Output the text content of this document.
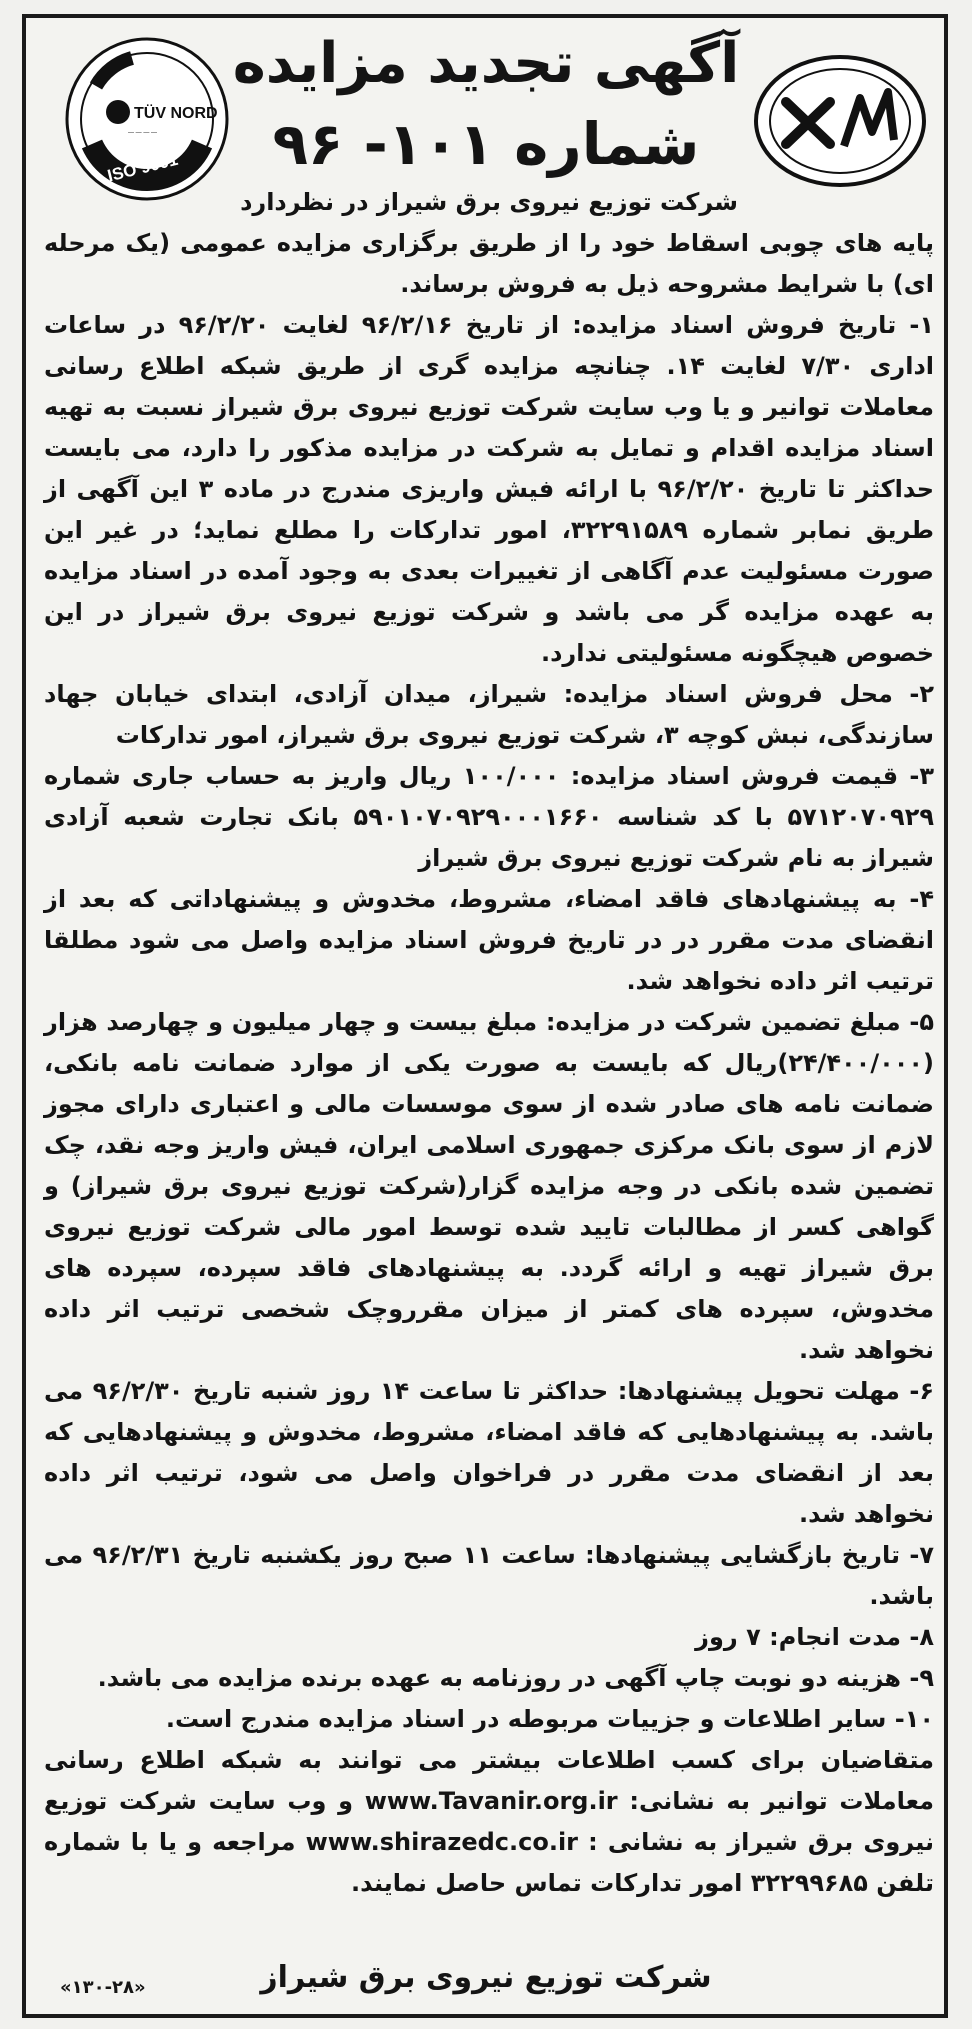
TÜV NORD
— — — —
ISO 9001
آگهی تجدید مزایده
شماره ۱۰۱- ۹۶

شرکت توزیع نیروی برق شیراز در نظردارد

پایه های چوبی اسقاط خود را از طریق برگزاری مزایده عمومی (یک مرحله ای) با شرایط مشروحه ذیل به فروش برساند.

۱- تاریخ فروش اسناد مزایده: از تاریخ ۹۶/۲/۱۶ لغایت ۹۶/۲/۲۰ در ساعات اداری ۷/۳۰ لغایت ۱۴. چنانچه مزایده گری از طریق شبکه اطلاع رسانی معاملات توانیر و یا وب سایت شرکت توزیع نیروی برق شیراز نسبت به تهیه اسناد مزایده اقدام و تمایل به شرکت در مزایده مذکور را دارد، می بایست حداکثر تا تاریخ ۹۶/۲/۲۰ با ارائه فیش واریزی مندرج در ماده ۳ این آگهی از طریق نمابر شماره ۳۲۲۹۱۵۸۹، امور تدارکات را مطلع نماید؛ در غیر این صورت مسئولیت عدم آگاهی از تغییرات بعدی به وجود آمده در اسناد مزایده به عهده مزایده گر می باشد و شرکت توزیع نیروی برق شیراز در این خصوص هیچگونه مسئولیتی ندارد.

۲- محل فروش اسناد مزایده: شیراز، میدان آزادی، ابتدای خیابان جهاد سازندگی، نبش کوچه ۳، شرکت توزیع نیروی برق شیراز، امور تدارکات

۳- قیمت فروش اسناد مزایده: ۱۰۰/۰۰۰ ریال واریز به حساب جاری شماره ۵۷۱۲۰۷۰۹۲۹ با کد شناسه ۵۹۰۱۰۷۰۹۲۹۰۰۰۱۶۶۰ بانک تجارت شعبه آزادی شیراز به نام شرکت توزیع نیروی برق شیراز

۴- به پیشنهادهای فاقد امضاء، مشروط، مخدوش و پیشنهاداتی که بعد از انقضای مدت مقرر در در تاریخ فروش اسناد مزایده واصل می شود مطلقا ترتیب اثر داده نخواهد شد.

۵- مبلغ تضمین شرکت در مزایده: مبلغ بیست و چهار میلیون و چهارصد هزار (۲۴/۴۰۰/۰۰۰)ریال که بایست به صورت یکی از موارد ضمانت نامه بانکی، ضمانت نامه های صادر شده از سوی موسسات مالی و اعتباری دارای مجوز لازم از سوی بانک مرکزی جمهوری اسلامی ایران، فیش واریز وجه نقد، چک تضمین شده بانکی در وجه مزایده گزار(شرکت توزیع نیروی برق شیراز) و گواهی کسر از مطالبات تایید شده توسط امور مالی شرکت توزیع نیروی برق شیراز تهیه و ارائه گردد. به پیشنهادهای فاقد سپرده، سپرده های مخدوش، سپرده های کمتر از میزان مقرروچک شخصی ترتیب اثر داده نخواهد شد.

۶- مهلت تحویل پیشنهادها: حداکثر تا ساعت ۱۴ روز شنبه تاریخ ۹۶/۲/۳۰ می باشد. به پیشنهادهایی که فاقد امضاء، مشروط، مخدوش و پیشنهادهایی که بعد از انقضای مدت مقرر در فراخوان واصل می شود، ترتیب اثر داده نخواهد شد.

۷- تاریخ بازگشایی پیشنهادها: ساعت ۱۱ صبح روز یکشنبه تاریخ ۹۶/۲/۳۱ می باشد.

۸- مدت انجام: ۷ روز

۹- هزینه دو نوبت چاپ آگهی در روزنامه به عهده برنده مزایده می باشد.

۱۰- سایر اطلاعات و جزییات مربوطه در اسناد مزایده مندرج است.

متقاضیان برای کسب اطلاعات بیشتر می توانند به شبکه اطلاع رسانی معاملات توانیر به نشانی: www.Tavanir.org.ir و وب سایت شرکت توزیع نیروی برق شیراز به نشانی : www.shirazedc.co.ir مراجعه و یا با شماره تلفن ۳۲۲۹۹۶۸۵ امور تدارکات تماس حاصل نمایند.

شرکت توزیع نیروی برق شیراز
«۱۳۰-۲۸»
